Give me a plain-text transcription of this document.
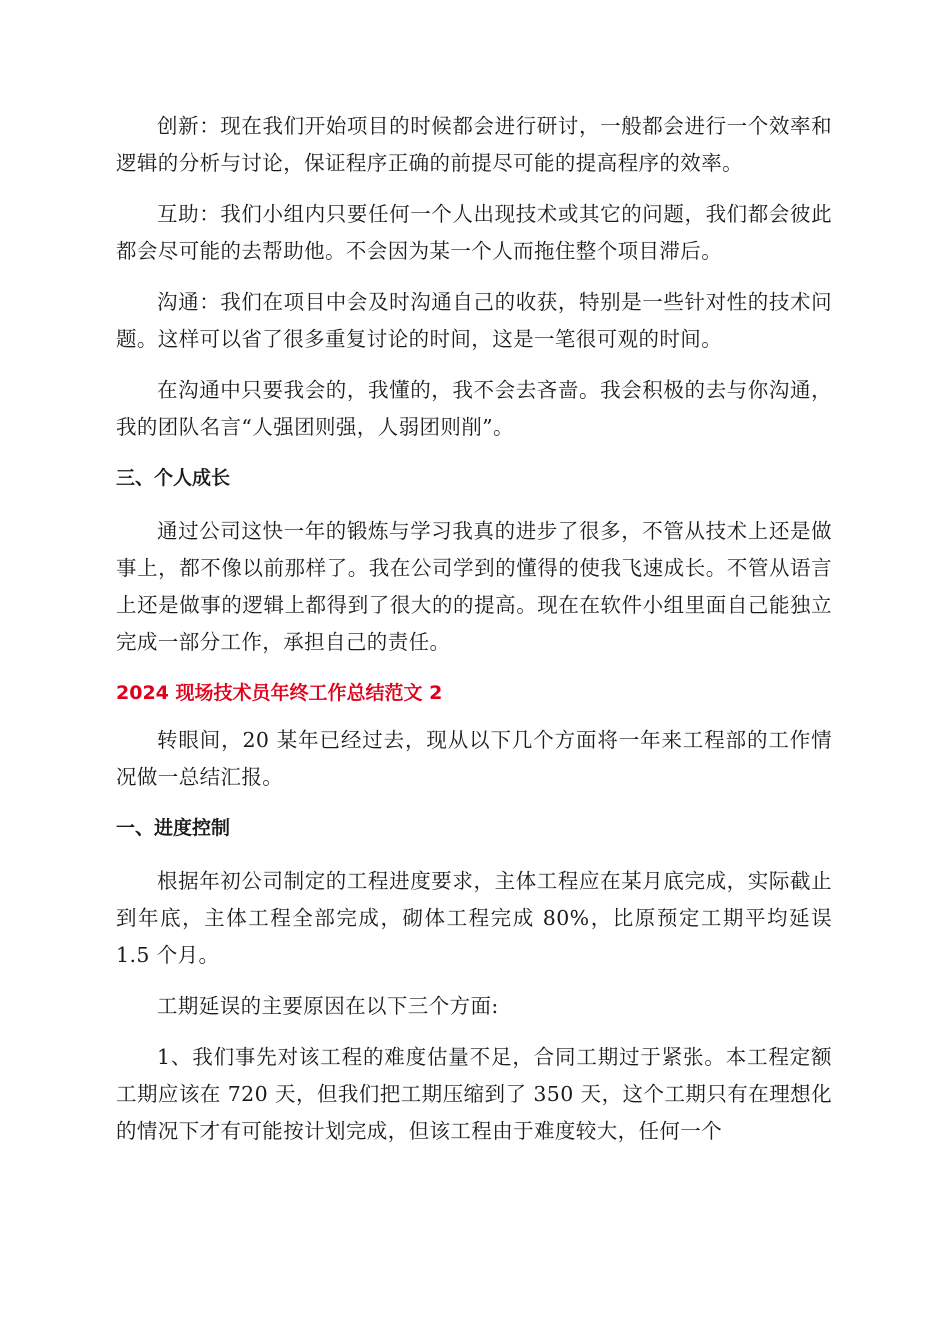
创新：现在我们开始项目的时候都会进行研讨，一般都会进行一个效率和逻辑的分析与讨论，保证程序正确的前提尽可能的提高程序的效率。

互助：我们小组内只要任何一个人出现技术或其它的问题，我们都会彼此都会尽可能的去帮助他。不会因为某一个人而拖住整个项目滞后。

沟通：我们在项目中会及时沟通自己的收获，特别是一些针对性的技术问题。这样可以省了很多重复讨论的时间，这是一笔很可观的时间。

在沟通中只要我会的，我懂的，我不会去吝啬。我会积极的去与你沟通，我的团队名言“人强团则强，人弱团则削”。

三、个人成长

通过公司这快一年的锻炼与学习我真的进步了很多，不管从技术上还是做事上，都不像以前那样了。我在公司学到的懂得的使我飞速成长。不管从语言上还是做事的逻辑上都得到了很大的的提高。现在在软件小组里面自己能独立完成一部分工作，承担自己的责任。

2024 现场技术员年终工作总结范文 2

转眼间，20 某年已经过去，现从以下几个方面将一年来工程部的工作情况做一总结汇报。

一、进度控制

根据年初公司制定的工程进度要求，主体工程应在某月底完成，实际截止到年底，主体工程全部完成，砌体工程完成 80%，比原预定工期平均延误 1.5 个月。

工期延误的主要原因在以下三个方面:

1、我们事先对该工程的难度估量不足，合同工期过于紧张。本工程定额工期应该在 720 天，但我们把工期压缩到了 350 天，这个工期只有在理想化的情况下才有可能按计划完成，但该工程由于难度较大，任何一个
